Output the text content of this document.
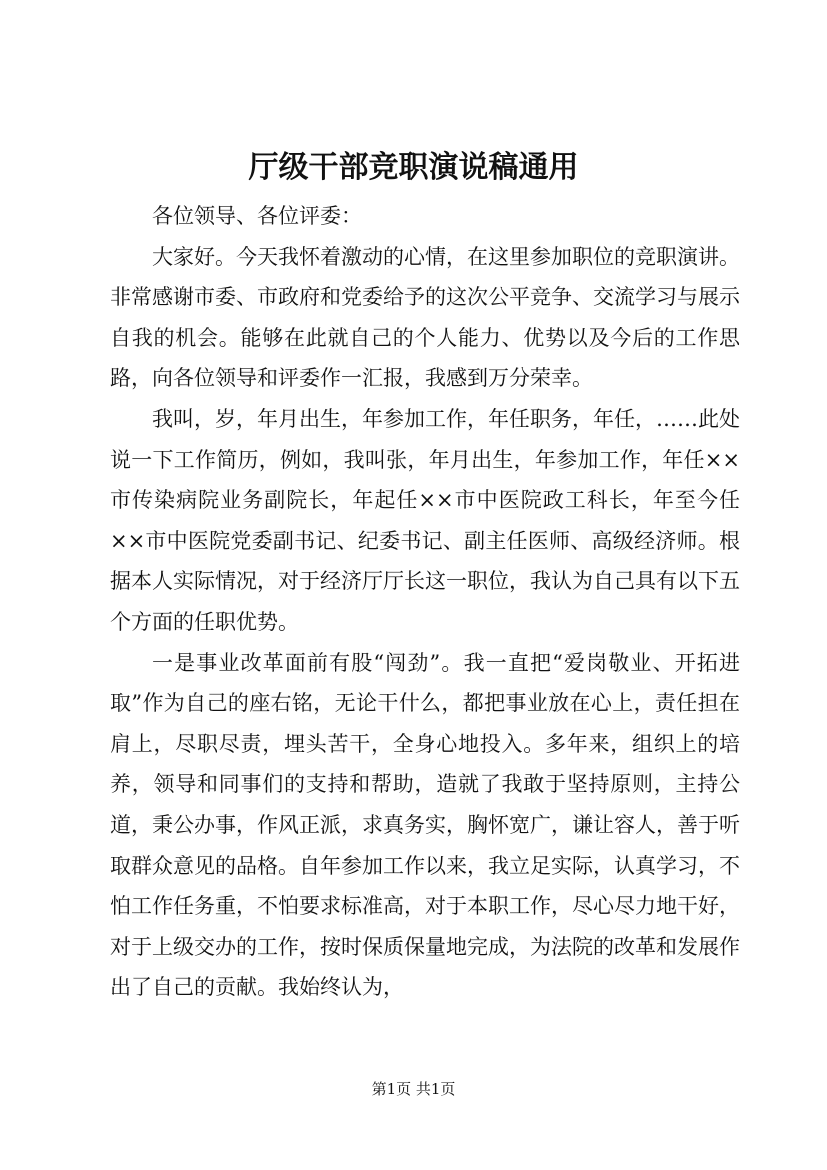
厅级干部竞职演说稿通用

各位领导、各位评委：

大家好。今天我怀着激动的心情，在这里参加职位的竞职演讲。非常感谢市委、市政府和党委给予的这次公平竞争、交流学习与展示自我的机会。能够在此就自己的个人能力、优势以及今后的工作思路，向各位领导和评委作一汇报，我感到万分荣幸。

我叫，岁，年月出生，年参加工作，年任职务，年任，……此处说一下工作简历，例如，我叫张，年月出生，年参加工作，年任××市传染病院业务副院长，年起任××市中医院政工科长，年至今任××市中医院党委副书记、纪委书记、副主任医师、高级经济师。根据本人实际情况，对于经济厅厅长这一职位，我认为自己具有以下五个方面的任职优势。

一是事业改革面前有股“闯劲”。我一直把“爱岗敬业、开拓进取”作为自己的座右铭，无论干什么，都把事业放在心上，责任担在肩上，尽职尽责，埋头苦干，全身心地投入。多年来，组织上的培养，领导和同事们的支持和帮助，造就了我敢于坚持原则，主持公道，秉公办事，作风正派，求真务实，胸怀宽广，谦让容人，善于听取群众意见的品格。自年参加工作以来，我立足实际，认真学习，不怕工作任务重，不怕要求标准高，对于本职工作，尽心尽力地干好，对于上级交办的工作，按时保质保量地完成，为法院的改革和发展作出了自己的贡献。我始终认为，

第1页 共1页
